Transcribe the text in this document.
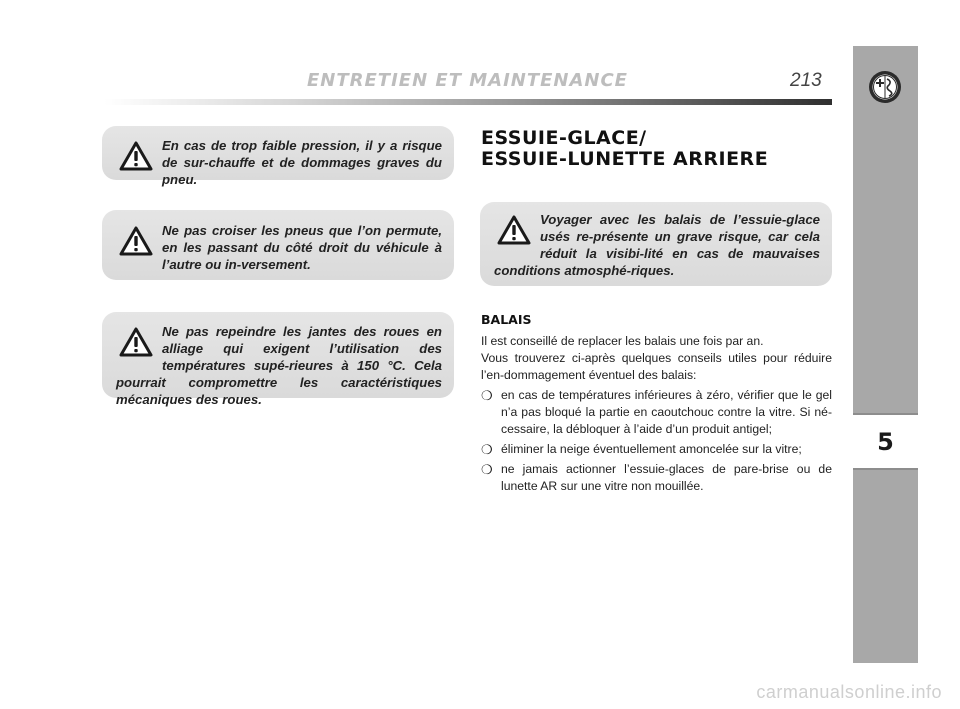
ENTRETIEN ET MAINTENANCE	213
5
En cas de trop faible pression, il y a risque de sur-chauffe et de dommages graves du pneu.
Ne pas croiser les pneus que l’on permute, en les passant du côté droit du véhicule à l’autre ou in-versement.
Ne pas repeindre les jantes des roues en alliage qui exigent l’utilisation des températures supé-rieures à 150 °C. Cela pourrait compromettre les caractéristiques mécaniques des roues.
ESSUIE-GLACE/
ESSUIE-LUNETTE ARRIERE
Voyager avec les balais de l’essuie-glace usés re-présente un grave risque, car cela réduit la visibi-lité en cas de mauvaises conditions atmosphé-riques.
BALAIS

Il est conseillé de replacer les balais une fois par an.

Vous trouverez ci-après quelques conseils utiles pour réduire l’en-dommagement éventuel des balais:

❍ en cas de températures inférieures à zéro, vérifier que le gel n’a pas bloqué la partie en caoutchouc contre la vitre. Si né-cessaire, la débloquer à l’aide d’un produit antigel;
❍ éliminer la neige éventuellement amoncelée sur la vitre;
❍ ne jamais actionner l’essuie-glaces de pare-brise ou de lunette AR sur une vitre non mouillée.
carmanualsonline.info
